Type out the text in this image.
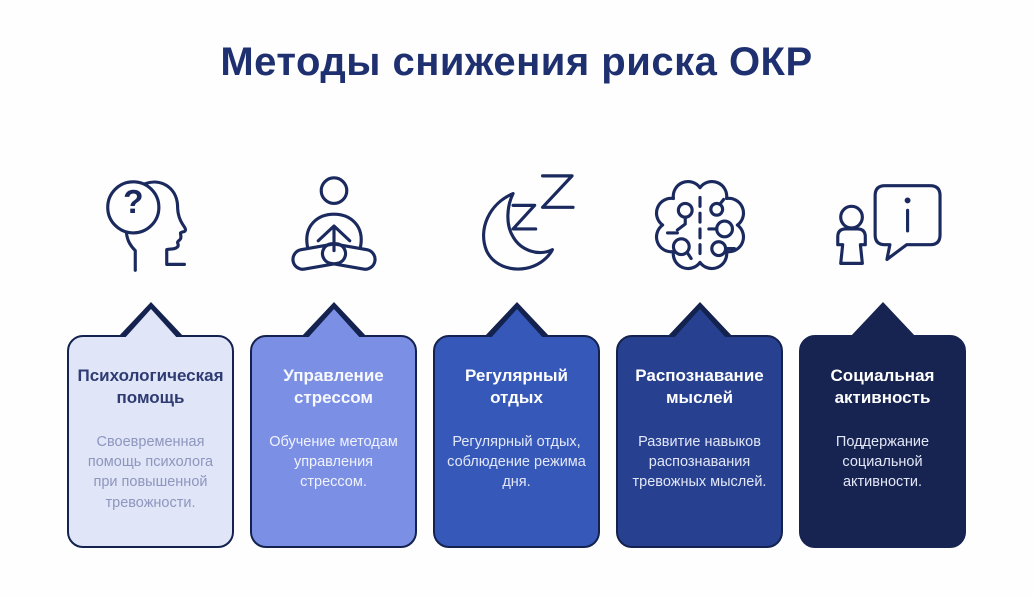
Методы снижения риска ОКР
?
Психологическая помощь
Своевременная помощь психолога при повышенной тревожности.
Управление стрессом
Обучение методам управления стрессом.
Регулярный отдых
Регулярный отдых, соблюдение режима дня.
Распознавание мыслей
Развитие навыков распознавания тревожных мыслей.
Социальная активность
Поддержание социальной активности.
